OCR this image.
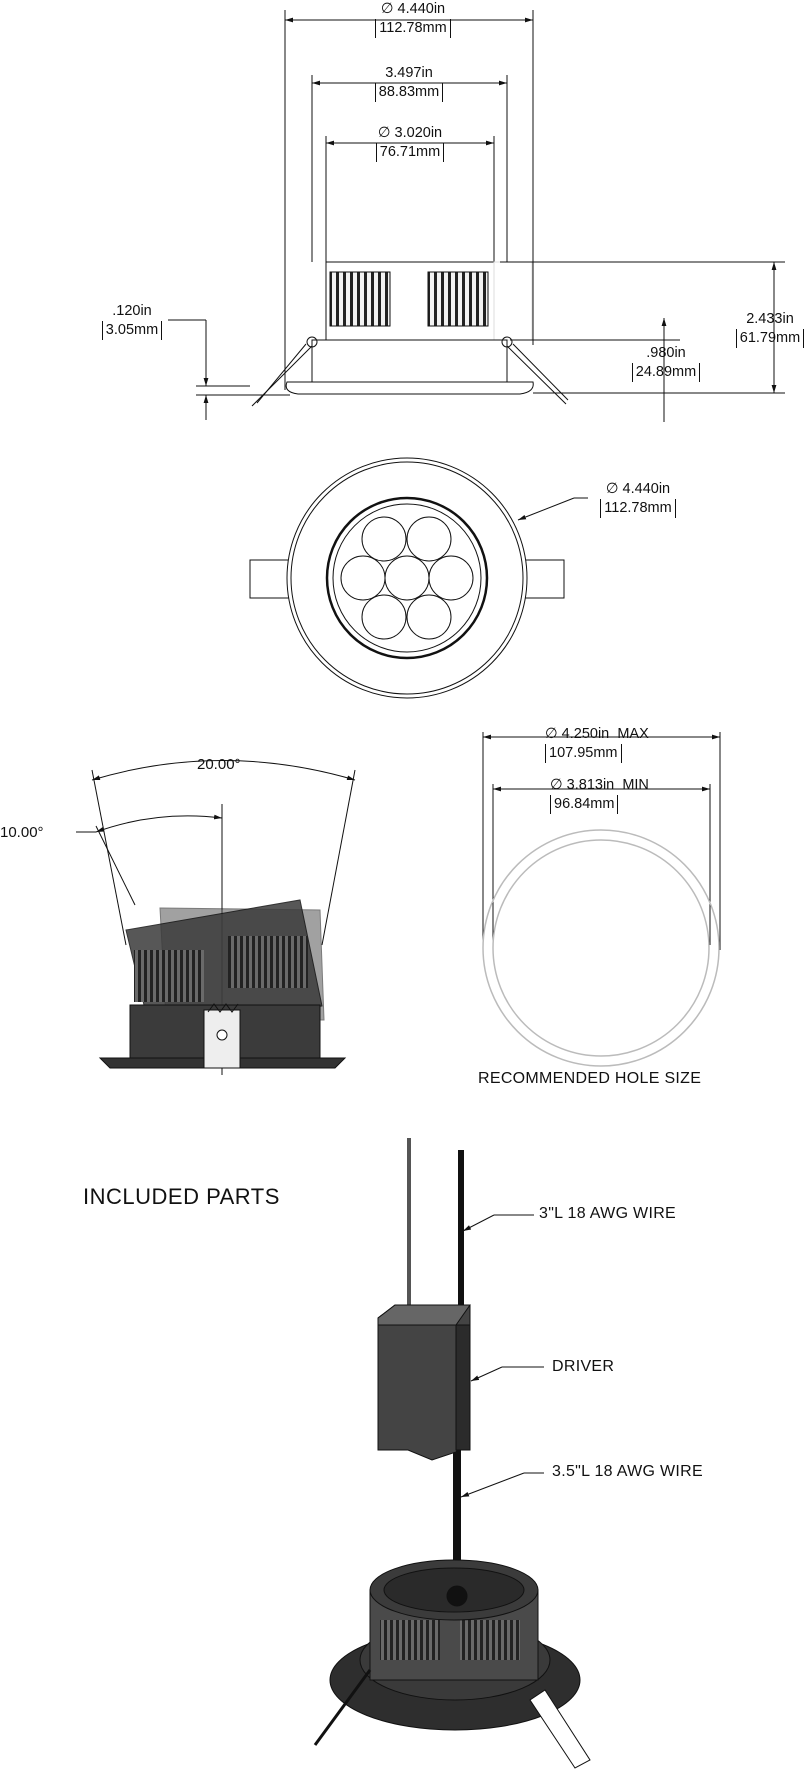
∅ 4.440in
112.78mm
3.497in
88.83mm
∅ 3.020in
76.71mm
.120in
3.05mm
2.433in
61.79mm
.980in
24.89mm
∅ 4.440in
112.78mm
20.00°
10.00°
∅ 4.250in MAX
107.95mm
∅ 3.813in MIN
96.84mm
RECOMMENDED HOLE SIZE
INCLUDED PARTS
3"L 18 AWG WIRE
DRIVER
3.5"L 18 AWG WIRE
